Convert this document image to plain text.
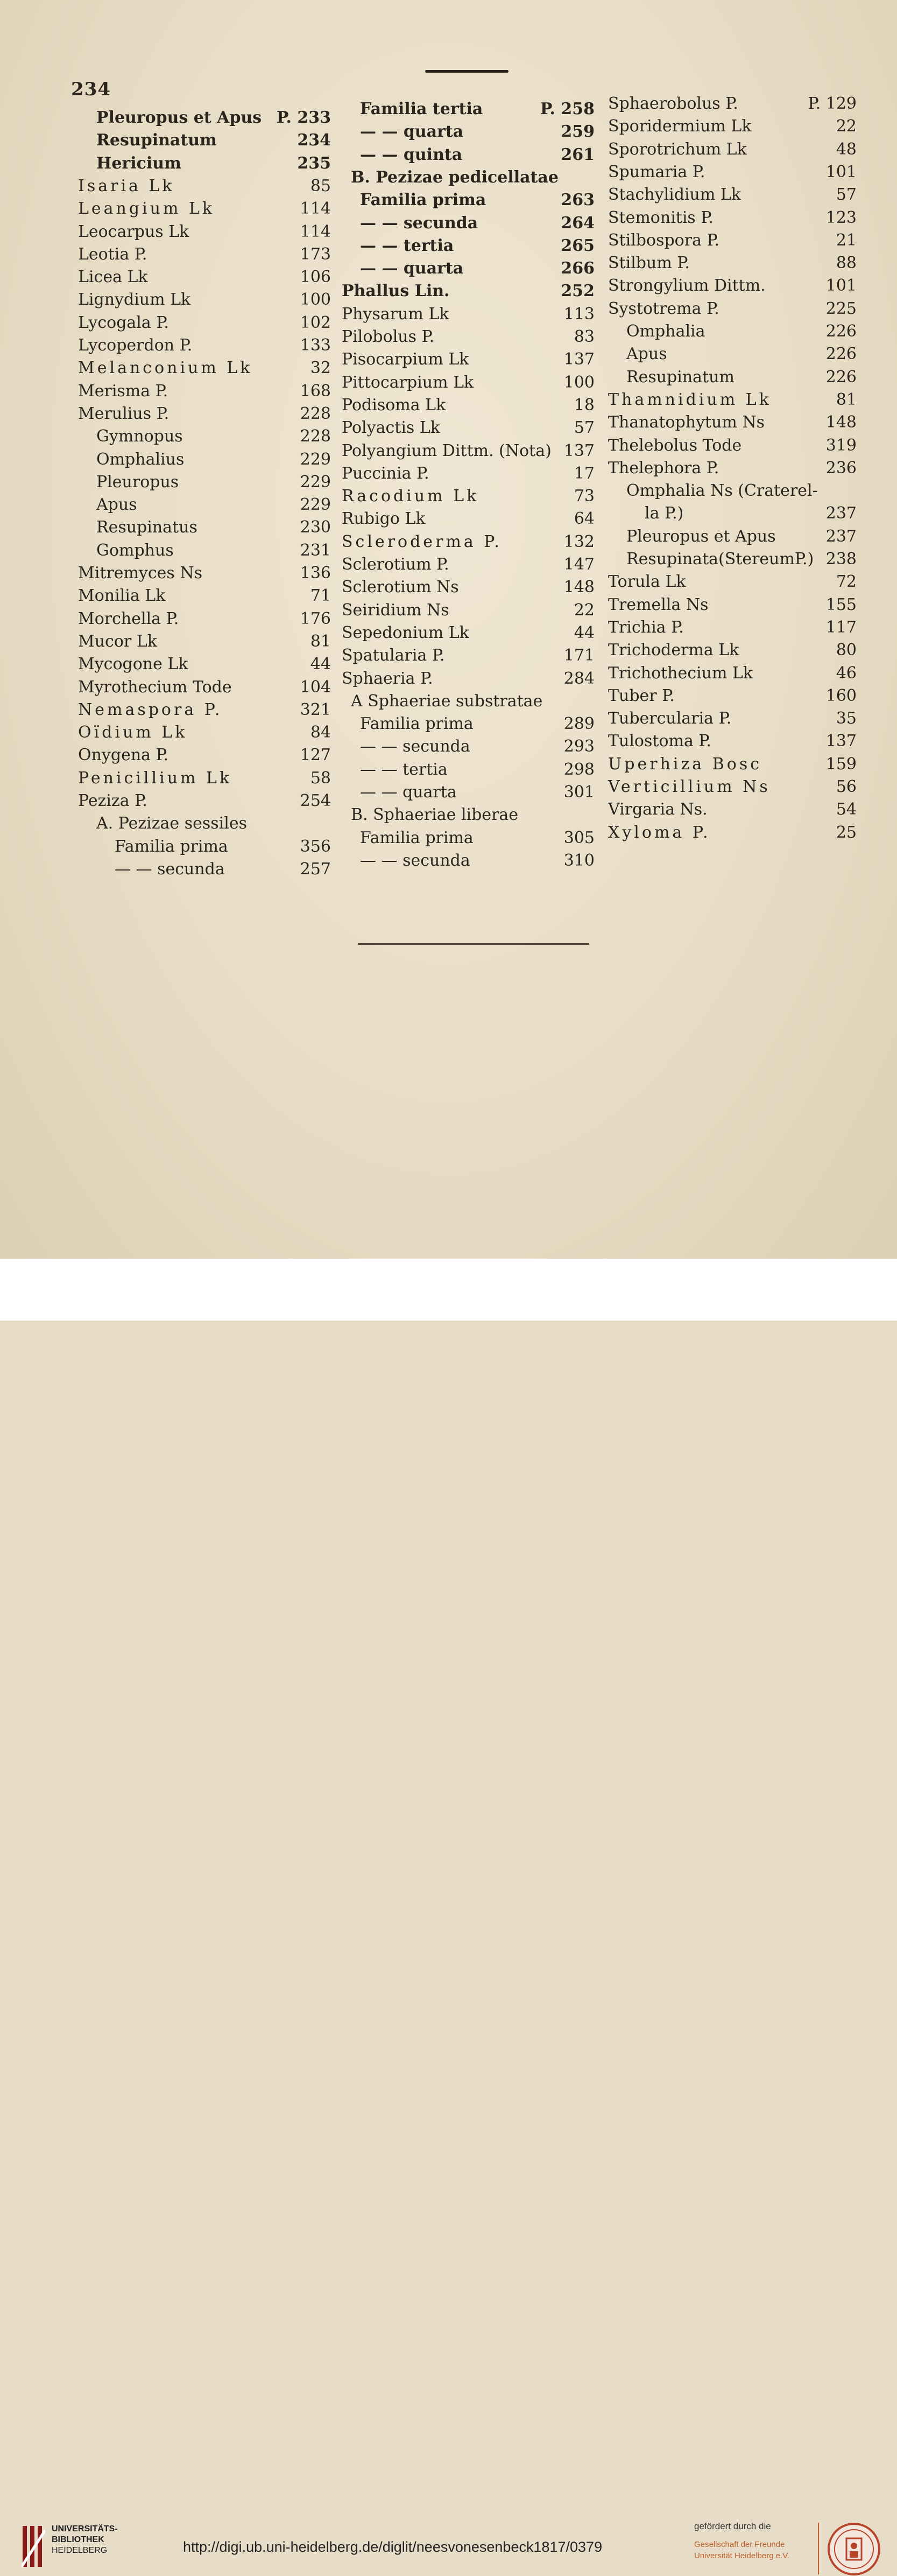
234
Pleuropus et Apus P. 233
Resupinatum	234
Hericium	235
Isaria Lk	85
Leangium Lk	114
Leocarpus Lk	114
Leotia P.	173
Licea Lk	106
Lignydium Lk	100
Lycogala P.	102
Lycoperdon P.	133
Melanconium Lk	32
Merisma P.	168
Merulius P.	228
Gymnopus	228
Omphalius	229
Pleuropus	229
Apus	229
Resupinatus	230
Gomphus	231
Mitremyces Ns	136
Monilia Lk	71
Morchella P.	176
Mucor Lk	81
Mycogone Lk	44
Myrothecium Tode	104
Nemaspora P.	321
Oïdium Lk	84
Onygena P.	127
Penicillium Lk	58
Peziza P.	254
A. Pezizae sessiles
Familia prima	356
— — secunda	257
Familia tertia	P. 258
— — quarta	259
— — quinta	261
B. Pezizae pedicellatae
Familia prima	263
— — secunda	264
— — tertia	265
— — quarta	266
Phallus Lin.	252
Physarum Lk	113
Pilobolus P.	83
Pisocarpium Lk	137
Pittocarpium Lk	100
Podisoma Lk	18
Polyactis Lk	57
Polyangium Dittm. (Nota) 137
Puccinia P.	17
Racodium Lk	73
Rubigo Lk	64
Scleroderma P.	132
Sclerotium P.	147
Sclerotium Ns	148
Seiridium Ns	22
Sepedonium Lk	44
Spatularia P.	171
Sphaeria P.	284
A Sphaeriae substratae
Familia prima	289
— — secunda	293
— — tertia	298
— — quarta	301
B. Sphaeriae liberae
Familia prima	305
— — secunda	310
Sphaerobolus P.	P. 129
Sporidermium Lk	22
Sporotrichum Lk	48
Spumaria P.	101
Stachylidium Lk	57
Stemonitis P.	123
Stilbospora P.	21
Stilbum P.	88
Strongylium Dittm.	101
Systotrema P.	225
Omphalia	226
Apus	226
Resupinatum	226
Thamnidium Lk	81
Thanatophytum Ns	148
Thelebolus Tode	319
Thelephora P.	236
Omphalia Ns (Craterel-
la P.)	237
Pleuropus et Apus	237
Resupinata(StereumP.) 238
Torula Lk	72
Tremella Ns	155
Trichia P.	117
Trichoderma Lk	80
Trichothecium Lk	46
Tuber P.	160
Tubercularia P.	35
Tulostoma P.	137
Uperhiza Bosc	159
Verticillium Ns	56
Virgaria Ns.	54
Xyloma P.	25
UNIVERSITÄTS-
BIBLIOTHEK
HEIDELBERG	http://digi.ub.uni-heidelberg.de/diglit/neesvonesenbeck1817/0379
gefördert durch die
Gesellschaft der Freunde
Universität Heidelberg e.V.
